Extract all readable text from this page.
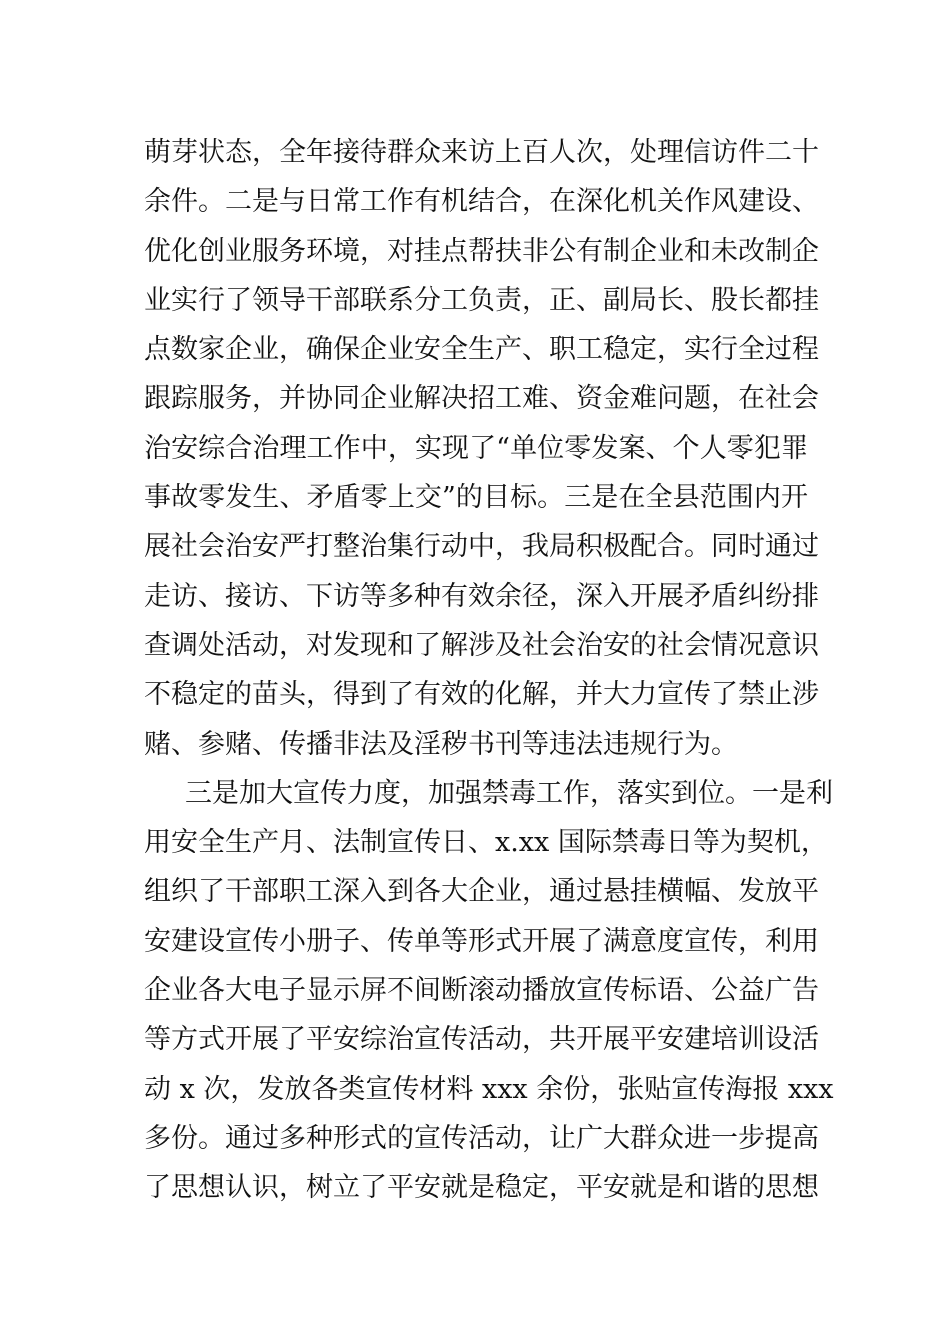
萌芽状态，全年接待群众来访上百人次，处理信访件二十
余件。二是与日常工作有机结合，在深化机关作风建设、
优化创业服务环境，对挂点帮扶非公有制企业和未改制企
业实行了领导干部联系分工负责，正、副局长、股长都挂
点数家企业，确保企业安全生产、职工稳定，实行全过程
跟踪服务，并协同企业解决招工难、资金难问题，在社会
治安综合治理工作中，实现了“单位零发案、个人零犯罪
事故零发生、矛盾零上交”的目标。三是在全县范围内开
展社会治安严打整治集行动中，我局积极配合。同时通过
走访、接访、下访等多种有效余径，深入开展矛盾纠纷排
查调处活动，对发现和了解涉及社会治安的社会情况意识
不稳定的苗头，得到了有效的化解，并大力宣传了禁止涉
赌、参赌、传播非法及淫秽书刊等违法违规行为。
三是加大宣传力度，加强禁毒工作，落实到位。一是利
用安全生产月、法制宣传日、x.xx 国际禁毒日等为契机，
组织了干部职工深入到各大企业，通过悬挂横幅、发放平
安建设宣传小册子、传单等形式开展了满意度宣传，利用
企业各大电子显示屏不间断滚动播放宣传标语、公益广告
等方式开展了平安综治宣传活动，共开展平安建培训设活
动 x 次，发放各类宣传材料 xxx 余份，张贴宣传海报 xxx
多份。通过多种形式的宣传活动，让广大群众进一步提高
了思想认识，树立了平安就是稳定，平安就是和谐的思想
